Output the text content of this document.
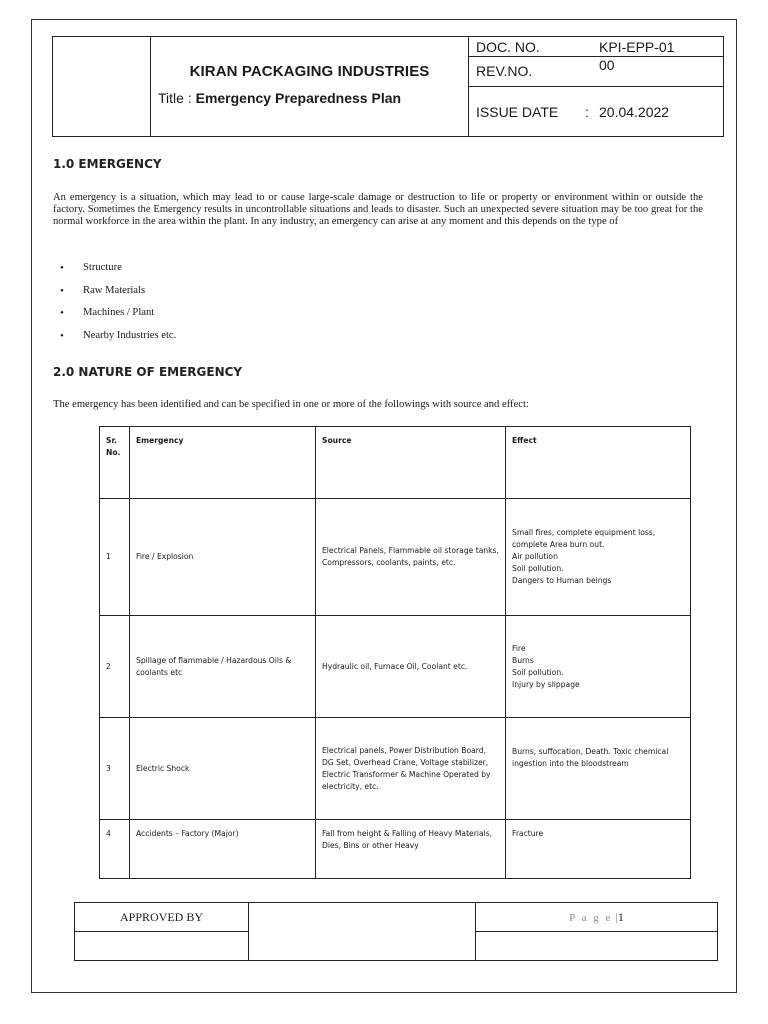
KIRAN PACKAGING INDUSTRIES
Title : Emergency Preparedness Plan

DOC. NO.	KPI-EPP-01

REV.NO.	00

ISSUE DATE : 20.04.2022
1.0 EMERGENCY
An emergency is a situation, which may lead to or cause large-scale damage or destruction to life or property or environment within or outside the factory. Sometimes the Emergency results in uncontrollable situations and leads to disaster. Such an unexpected severe situation may be too great for the normal workforce in the area within the plant. In any industry, an emergency can arise at any moment and this depends on the type of
• Structure
• Raw Materials
• Machines / Plant
• Nearby Industries etc.
2.0 NATURE OF EMERGENCY
The emergency has been identified and can be specified in one or more of the followings with source and effect:
Sr. No.	Emergency	Source	Effect
1	Fire / Explosion	Electrical Panels, Flammable oil storage tanks, Compressors, coolants, paints, etc.	Small fires, complete equipment loss, complete Area burn out.
Air pollution
Soil pollution.
Dangers to Human beings

2	Spillage of flammable / Hazardous Oils & coolants etc	Hydraulic oil, Furnace Oil, Coolant etc.	Fire
Burns
Soil pollution.
Injury by slippage

3	Electric Shock	Electrical panels, Power Distribution Board, DG Set, Overhead Crane, Voltage stabilizer, Electric Transformer & Machine Operated by electricity, etc.	Burns, suffocation, Death. Toxic chemical ingestion into the bloodstream

4	Accidents – Factory (Major)	Fall from height & Falling of Heavy Materials, Dies, Bins or other Heavy	Fracture
APPROVED BY		P a g e |1
